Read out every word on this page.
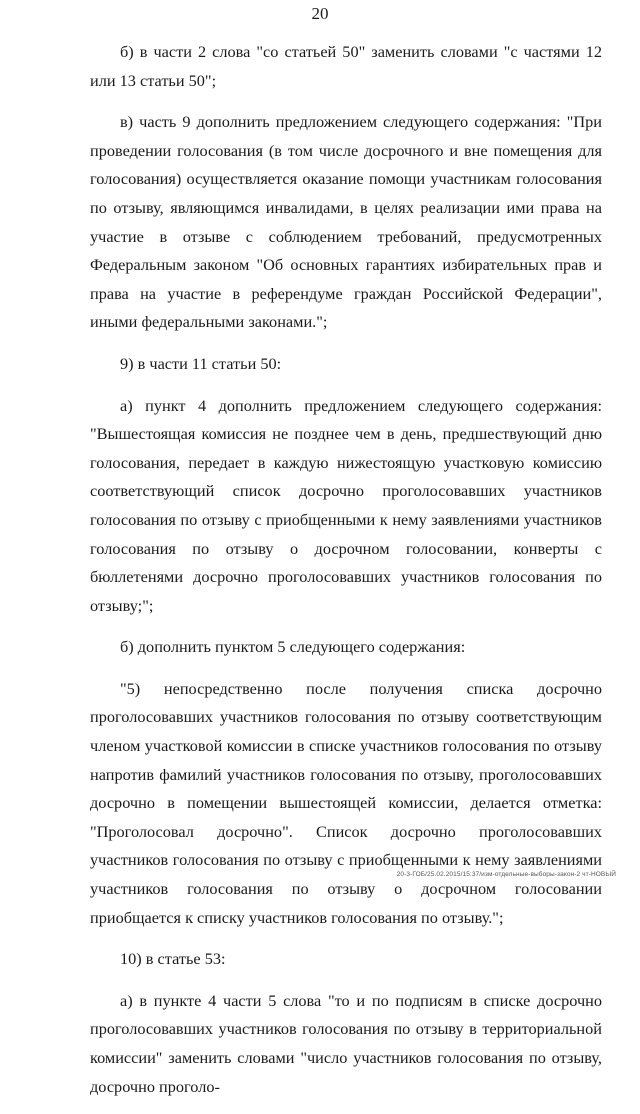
20

б) в части 2 слова "со статьей 50" заменить словами "с частями 12 или 13 статьи 50";

в) часть 9 дополнить предложением следующего содержания: "При проведении голосования (в том числе досрочного и вне помещения для голосования) осуществляется оказание помощи участникам голосования по отзыву, являющимся инвалидами, в целях реализации ими права на участие в отзыве с соблюдением требований, предусмотренных Федеральным законом "Об основных гарантиях избирательных прав и права на участие в референдуме граждан Российской Федерации", иными федеральными законами.";

9) в части 11 статьи 50:

а) пункт 4 дополнить предложением следующего содержания: "Вышестоящая комиссия не позднее чем в день, предшествующий дню голосования, передает в каждую нижестоящую участковую комиссию соответствующий список досрочно проголосовавших участников голосования по отзыву с приобщенными к нему заявлениями участников голосования по отзыву о досрочном голосовании, конверты с бюллетенями досрочно проголосовавших участников голосования по отзыву;";

б) дополнить пунктом 5 следующего содержания:

"5) непосредственно после получения списка досрочно проголосовавших участников голосования по отзыву соответствующим членом участковой комиссии в списке участников голосования по отзыву напротив фамилий участников голосования по отзыву, проголосовавших досрочно в помещении вышестоящей комиссии, делается отметка: "Проголосовал досрочно". Список досрочно проголосовавших участников голосования по отзыву с приобщенными к нему заявлениями участников голосования по отзыву о досрочном голосовании приобщается к списку участников голосования по отзыву.";

10) в статье 53:

а) в пункте 4 части 5 слова "то и по подписям в списке досрочно проголосовавших участников голосования по отзыву в территориальной комиссии" заменить словами "число участников голосования по отзыву, досрочно проголо-

20-3-ГОБ/25.02.2015/15:37/изм-отдельные-выборы-закон-2 чт-НОВЫЙ
